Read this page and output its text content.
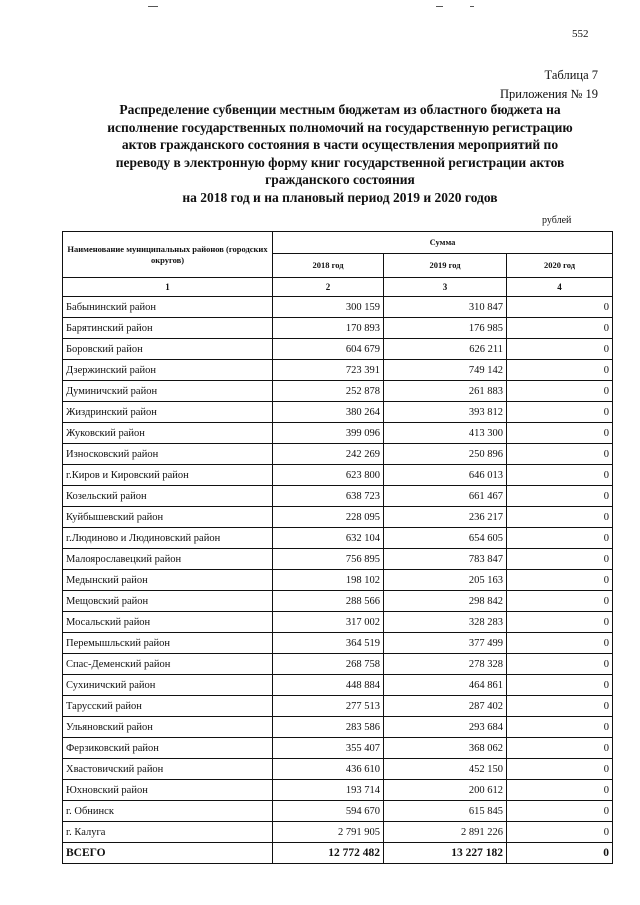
552
Таблица 7
Приложения № 19
Распределение субвенции местным бюджетам из областного бюджета на
исполнение государственных полномочий на государственную регистрацию
актов гражданского состояния в части осуществления мероприятий по
переводу в электронную форму книг государственной регистрации актов
гражданского состояния
на 2018 год и на плановый период 2019 и 2020 годов
рублей
Наименование муниципальных районов (городских округов)	Сумма		
	2018 год	2019 год	2020 год
1	2	3	4
Бабынинский район	300 159	310 847	0
Барятинский район	170 893	176 985	0
Боровский район	604 679	626 211	0
Дзержинский район	723 391	749 142	0
Думиничский район	252 878	261 883	0
Жиздринский район	380 264	393 812	0
Жуковский район	399 096	413 300	0
Износковский район	242 269	250 896	0
г.Киров и Кировский район	623 800	646 013	0
Козельский район	638 723	661 467	0
Куйбышевский район	228 095	236 217	0
г.Людиново и Людиновский район	632 104	654 605	0
Малоярославецкий район	756 895	783 847	0
Медынский район	198 102	205 163	0
Мещовский район	288 566	298 842	0
Мосальский район	317 002	328 283	0
Перемышльский район	364 519	377 499	0
Спас-Деменский район	268 758	278 328	0
Сухиничский район	448 884	464 861	0
Тарусский район	277 513	287 402	0
Ульяновский район	283 586	293 684	0
Ферзиковский район	355 407	368 062	0
Хвастовичский район	436 610	452 150	0
Юхновский район	193 714	200 612	0
г. Обнинск	594 670	615 845	0
г. Калуга	2 791 905	2 891 226	0
ВСЕГО	12 772 482	13 227 182	0
